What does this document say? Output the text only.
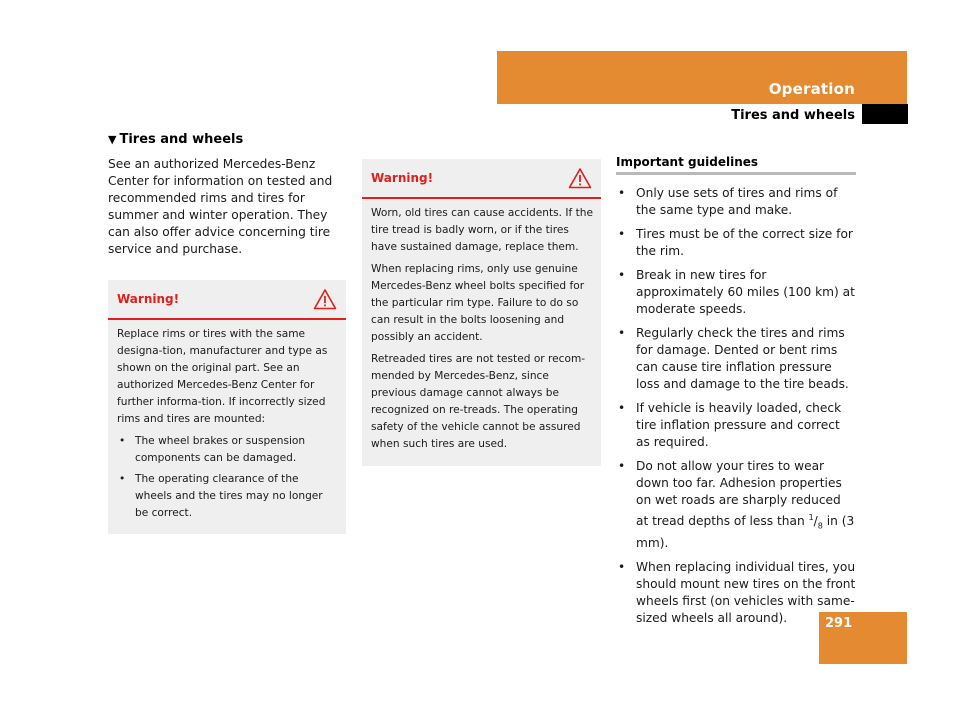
Operation
Tires and wheels
▼ Tires and wheels

See an authorized Mercedes-Benz Center for information on tested and recommended rims and tires for summer and winter operation. They can also offer advice concerning tire service and purchase.

Warning!

Replace rims or tires with the same designa-tion, manufacturer and type as shown on the original part. See an authorized Mercedes-Benz Center for further informa-tion. If incorrectly sized rims and tires are mounted:

• The wheel brakes or suspension components can be damaged.
• The operating clearance of the wheels and the tires may no longer be correct.
Warning!

Worn, old tires can cause accidents. If the tire tread is badly worn, or if the tires have sustained damage, replace them.

When replacing rims, only use genuine Mercedes-Benz wheel bolts specified for the particular rim type. Failure to do so can result in the bolts loosening and possibly an accident.

Retreaded tires are not tested or recom-mended by Mercedes-Benz, since previous damage cannot always be recognized on re-treads. The operating safety of the vehicle cannot be assured when such tires are used.

Important guidelines
• Only use sets of tires and rims of the same type and make.
• Tires must be of the correct size for the rim.
• Break in new tires for approximately 60 miles (100 km) at moderate speeds.
• Regularly check the tires and rims for damage. Dented or bent rims can cause tire inflation pressure loss and damage to the tire beads.
• If vehicle is heavily loaded, check tire inflation pressure and correct as required.
• Do not allow your tires to wear down too far. Adhesion properties on wet roads are sharply reduced at tread depths of less than $^1/_8$ in (3 mm).
• When replacing individual tires, you should mount new tires on the front wheels first (on vehicles with same-sized wheels all around).	291
